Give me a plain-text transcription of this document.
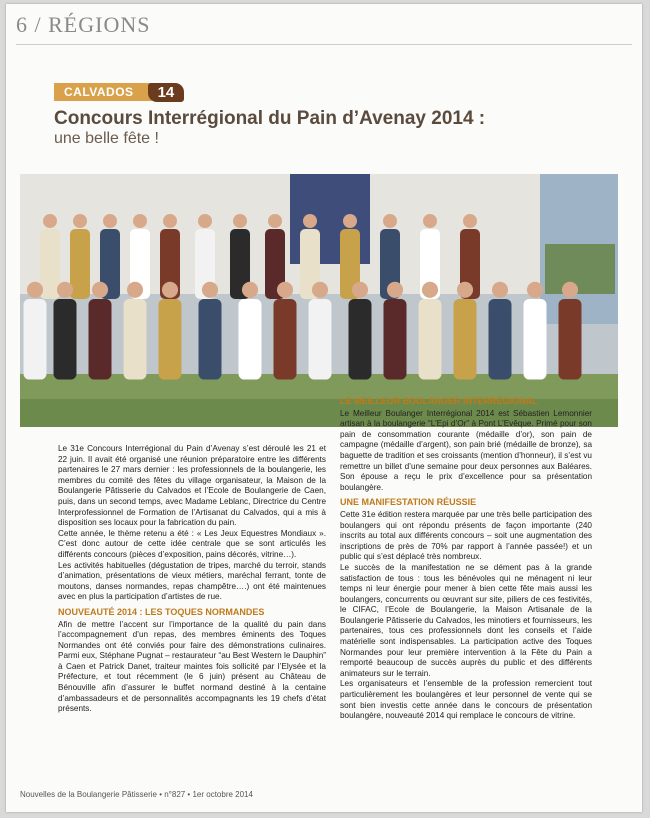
6 / RÉGIONS
CALVADOS	14
Concours Interrégional du Pain d’Avenay 2014 :
une belle fête !

Le 31e Concours Interrégional du Pain d’Avenay s’est déroulé les 21 et 22 juin. Il avait été organisé une réunion préparatoire entre les différents partenaires le 27 mars dernier : les professionnels de la boulangerie, les membres du comité des fêtes du village organisateur, la Maison de la Boulangerie Pâtisserie du Calvados et l’Ecole de Boulangerie de Caen, puis, dans un second temps, avec Madame Leblanc, Directrice du Centre Interprofessionnel de Formation de l’Artisanat du Calvados, qui a mis à disposition ses locaux pour la fabrication du pain.

Cette année, le thème retenu a été : « Les Jeux Equestres Mondiaux ». C’est donc autour de cette idée centrale que se sont articulés les différents concours (pièces d’exposition, pains décorés, vitrine…).

Les activités habituelles (dégustation de tripes, marché du terroir, stands d’animation, présentations de vieux métiers, maréchal ferrant, tonte de moutons, danses normandes, repas champêtre….) ont été maintenues avec en plus la participation d’artistes de rue.

NOUVEAUTÉ 2014 : LES TOQUES NORMANDES

Afin de mettre l’accent sur l’importance de la qualité du pain dans l’accompagnement d’un repas, des membres éminents des Toques Normandes ont été conviés pour faire des démonstrations culinaires. Parmi eux, Stéphane Pugnat – restaurateur “au Best Western le Dauphin” à Caen et Patrick Danet, traiteur maintes fois sollicité par l’Elysée et la Préfecture, et tout récemment (le 6 juin) présent au Château de Bénouville afin d’assurer le buffet normand destiné à la centaine d’ambassadeurs et de personnalités accompagnants les 19 chefs d’état présents.

LE MEILLEUR BOULANGER INTERRÉGIONAL

Le Meilleur Boulanger Interrégional 2014 est Sébastien Lemonnier artisan à la boulangerie “L’Epi d’Or” à Pont L’Evêque. Primé pour son pain de consommation courante (médaille d’or), son pain de campagne (médaille d’argent), son pain brié (médaille de bronze), sa baguette de tradition et ses croissants (mention d’honneur), il s’est vu remettre un billet d’une semaine pour deux personnes aux Baléares. Son épouse a reçu le prix d’excellence pour sa présentation boulangère.

UNE MANIFESTATION RÉUSSIE

Cette 31e édition restera marquée par une très belle participation des boulangers qui ont répondu présents de façon importante (240 inscrits au total aux différents concours – soit une augmentation des inscriptions de près de 70% par rapport à l’année passée!) et un public qui s’est déplacé très nombreux.

Le succès de la manifestation ne se dément pas à la grande satisfaction de tous : tous les bénévoles qui ne ménagent ni leur temps ni leur énergie pour mener à bien cette fête mais aussi les boulangers, concurrents ou œuvrant sur site, piliers de ces festivités, le CIFAC, l’Ecole de Boulangerie, la Maison Artisanale de la Boulangerie Pâtisserie du Calvados, les minotiers et fournisseurs, les partenaires, tous ces professionnels dont les conseils et l’aide matérielle sont indispensables. La participation active des Toques Normandes pour leur première intervention à la Fête du Pain a remporté beaucoup de succès auprès du public et des différents animateurs sur le terrain.

Les organisateurs et l’ensemble de la profession remercient tout particulièrement les boulangères et leur personnel de vente qui se sont bien investis cette année dans le concours de présentation boulangère, nouveauté 2014 qui remplace le concours de vitrine.

Nouvelles de la Boulangerie Pâtisserie • n°827 • 1er octobre 2014
